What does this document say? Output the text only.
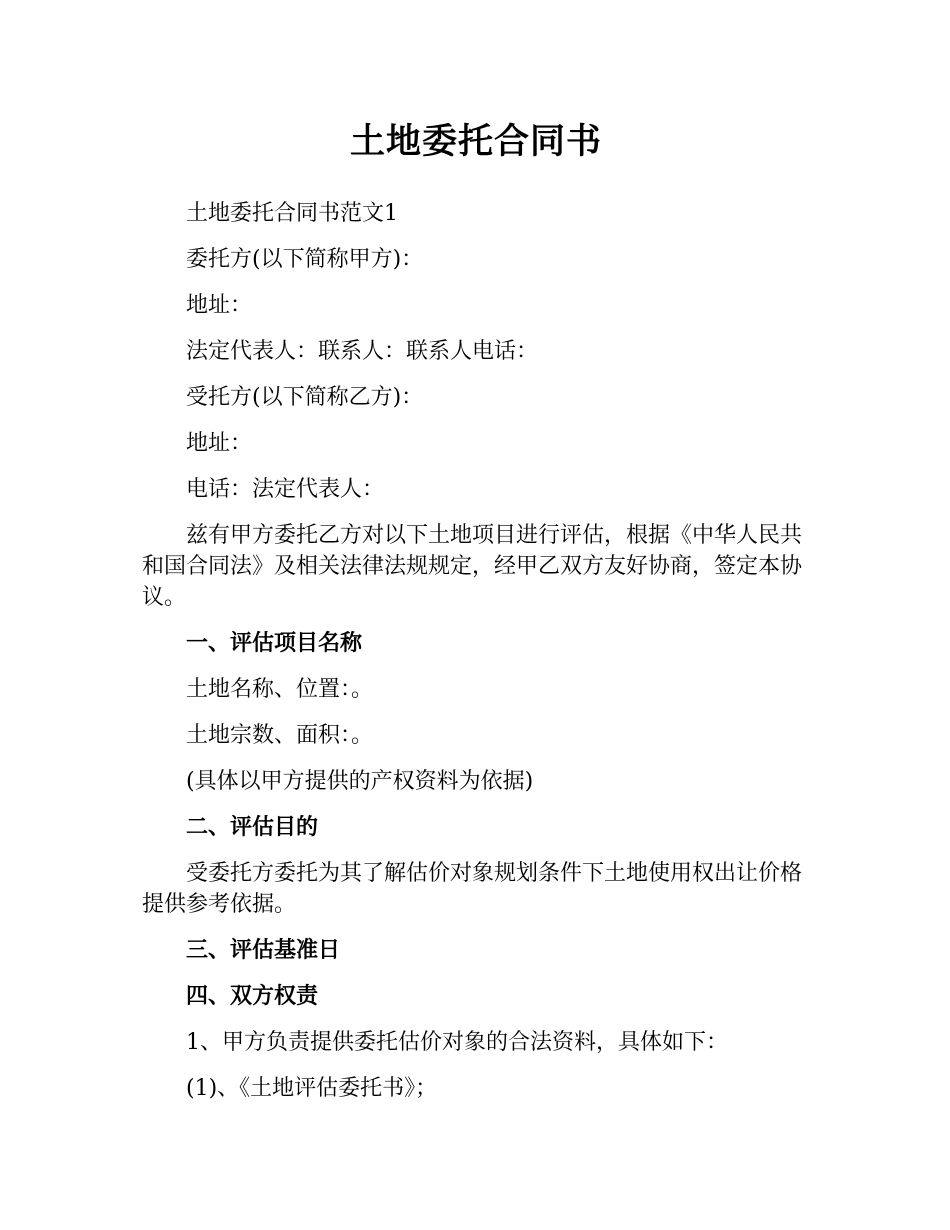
土地委托合同书
土地委托合同书范文1
委托方(以下简称甲方)：
地址：
法定代表人：联系人：联系人电话：
受托方(以下简称乙方)：
地址：
电话：法定代表人：
兹有甲方委托乙方对以下土地项目进行评估，根据《中华人民共和国合同法》及相关法律法规规定，经甲乙双方友好协商，签定本协议。
一、评估项目名称
土地名称、位置：。
土地宗数、面积：。
(具体以甲方提供的产权资料为依据)
二、评估目的
受委托方委托为其了解估价对象规划条件下土地使用权出让价格提供参考依据。
三、评估基准日
四、双方权责
1、甲方负责提供委托估价对象的合法资料，具体如下：
(1)、《土地评估委托书》；
